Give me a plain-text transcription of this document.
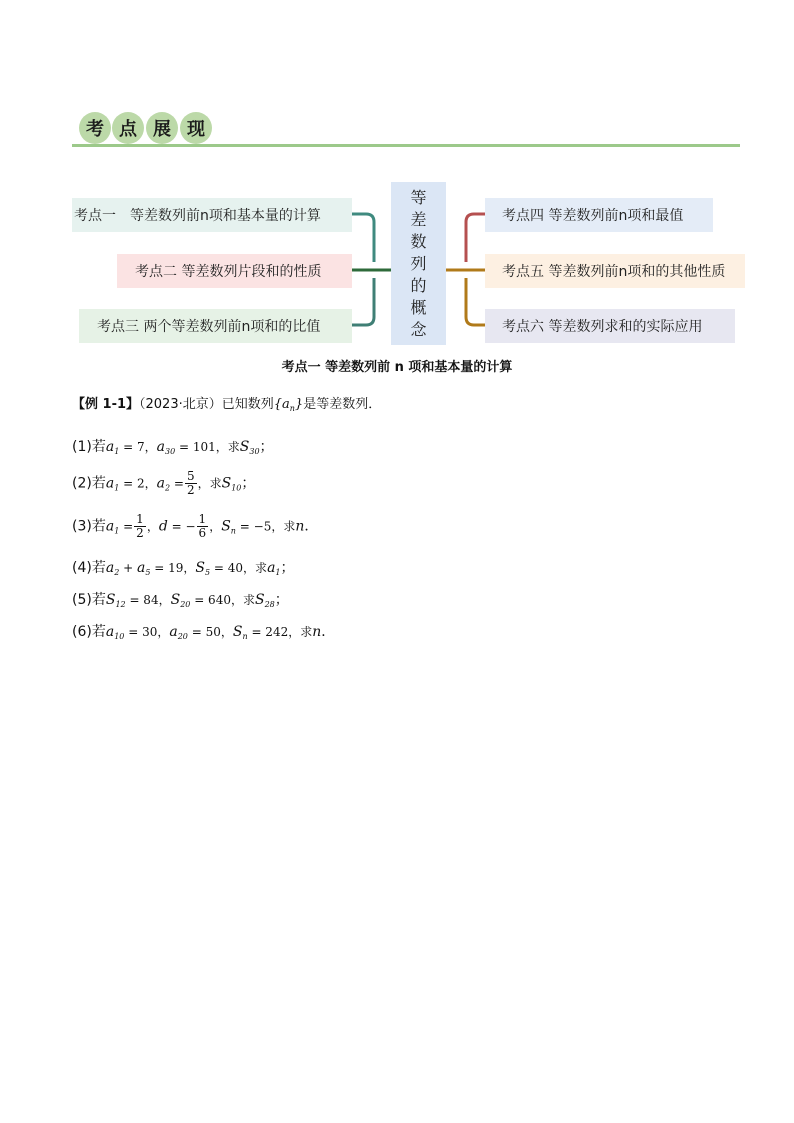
考 点 展 现
考点一　等差数列前n项和基本量的计算
考点二 等差数列片段和的性质
考点三 两个等差数列前n项和的比值
等
差
数
列
的
概
念
考点四 等差数列前n项和最值
考点五 等差数列前n项和的其他性质
考点六 等差数列求和的实际应用
考点一 等差数列前 n 项和基本量的计算
【例 1-1】（2023·北京）已知数列$\{a_n\}$是等差数列．
(1)若$a_1 = 7$，$a_{30} = 101$，求$S_{30}$；
(2)若$a_1 = 2$，$a_2 = \frac{5}{2}$ ，求$S_{10}$；
(3)若$a_1 = \frac{1}{2}$ ，d = − $\frac{1}{6}$ ，$S_n = -5$，求n．
(4)若$a_2 + a_5 = 19$，$S_5 = 40$，求$a_1$；
(5)若$S_{12} = 84$，$S_{20} = 640$，求$S_{28}$；
(6)若$a_{10} = 30$，$a_{20} = 50$，$S_n = 242$，求n．
